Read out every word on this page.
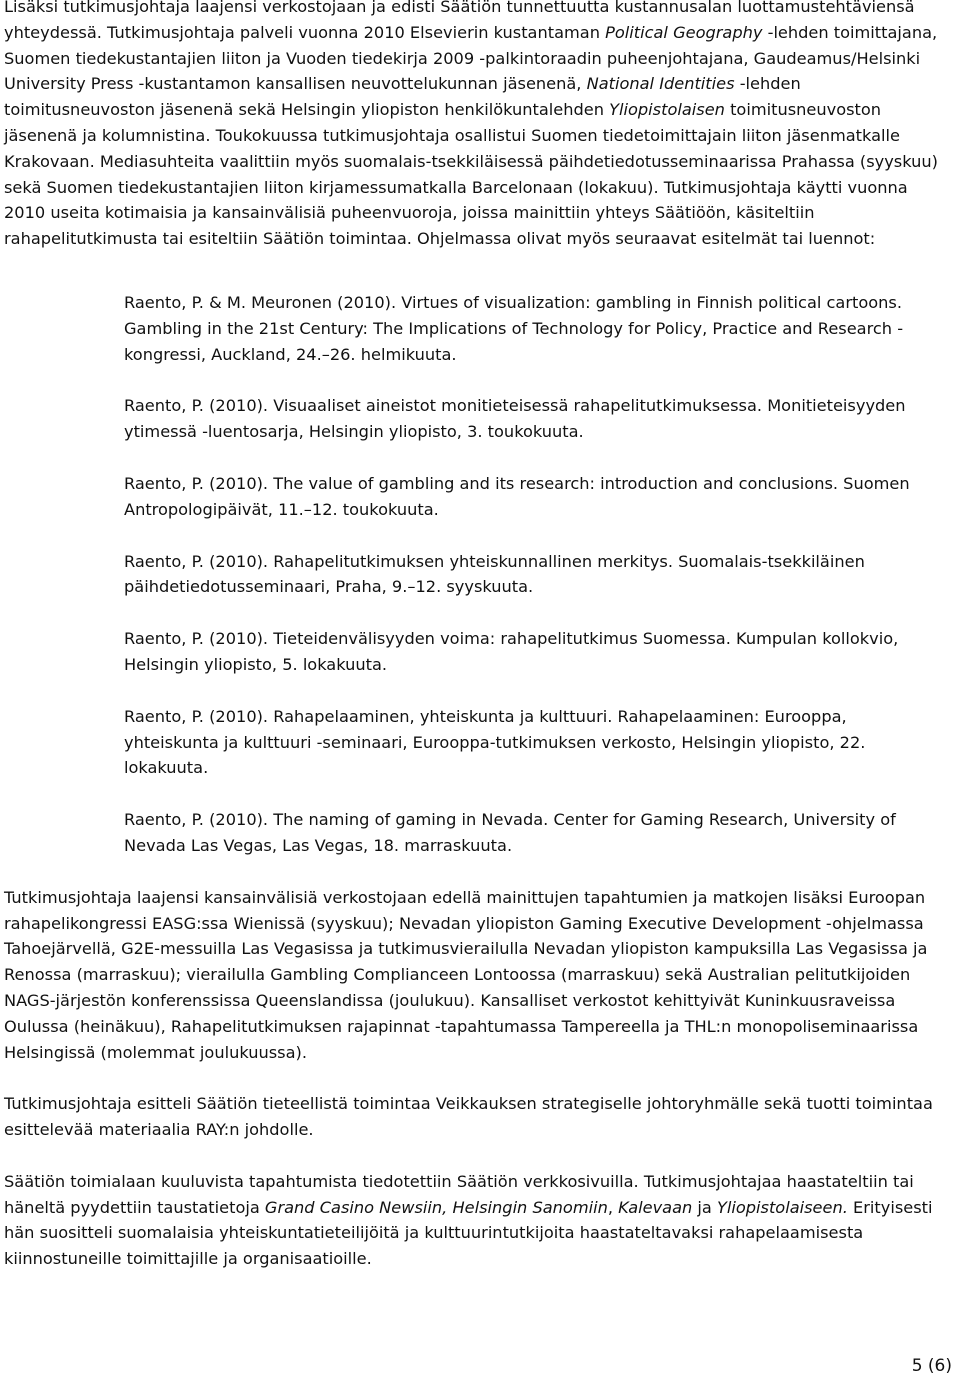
Lisäksi tutkimusjohtaja laajensi verkostojaan ja edisti Säätiön tunnettuutta kustannusalan luottamustehtäviensä yhteydessä. Tutkimusjohtaja palveli vuonna 2010 Elsevierin kustantaman Political Geography -lehden toimittajana, Suomen tiedekustantajien liiton ja Vuoden tiedekirja 2009 -palkintoraadin puheenjohtajana, Gaudeamus/Helsinki University Press -kustantamon kansallisen neuvottelukunnan jäsenenä, National Identities -lehden toimitusneuvoston jäsenenä sekä Helsingin yliopiston henkilökuntalehden Yliopistolaisen toimitusneuvoston jäsenenä ja kolumnistina. Toukokuussa tutkimusjohtaja osallistui Suomen tiedetoimittajain liiton jäsenmatkalle Krakovaan. Mediasuhteita vaalittiin myös suomalais-tsekkiläisessä päihdetiedotusseminaarissa Prahassa (syyskuu) sekä Suomen tiedekustantajien liiton kirjamessumatkalla Barcelonaan (lokakuu). Tutkimusjohtaja käytti vuonna 2010 useita kotimaisia ja kansainvälisiä puheenvuoroja, joissa mainittiin yhteys Säätiöön, käsiteltiin rahapelitutkimusta tai esiteltiin Säätiön toimintaa. Ohjelmassa olivat myös seuraavat esitelmät tai luennot:

Raento, P. & M. Meuronen (2010). Virtues of visualization: gambling in Finnish political cartoons. Gambling in the 21st Century: The Implications of Technology for Policy, Practice and Research -kongressi, Auckland, 24.–26. helmikuuta.

Raento, P. (2010). Visuaaliset aineistot monitieteisessä rahapelitutkimuksessa. Monitieteisyyden ytimessä -luentosarja, Helsingin yliopisto, 3. toukokuuta.

Raento, P. (2010). The value of gambling and its research: introduction and conclusions. Suomen Antropologipäivät, 11.–12. toukokuuta.

Raento, P. (2010). Rahapelitutkimuksen yhteiskunnallinen merkitys. Suomalais-tsekkiläinen päihdetiedotusseminaari, Praha, 9.–12. syyskuuta.

Raento, P. (2010). Tieteidenvälisyyden voima: rahapelitutkimus Suomessa. Kumpulan kollokvio, Helsingin yliopisto, 5. lokakuuta.

Raento, P. (2010). Rahapelaaminen, yhteiskunta ja kulttuuri. Rahapelaaminen: Eurooppa, yhteiskunta ja kulttuuri -seminaari, Eurooppa-tutkimuksen verkosto, Helsingin yliopisto, 22. lokakuuta.

Raento, P. (2010). The naming of gaming in Nevada. Center for Gaming Research, University of Nevada Las Vegas, Las Vegas, 18. marraskuuta.

Tutkimusjohtaja laajensi kansainvälisiä verkostojaan edellä mainittujen tapahtumien ja matkojen lisäksi Euroopan rahapelikongressi EASG:ssa Wienissä (syyskuu); Nevadan yliopiston Gaming Executive Development -ohjelmassa Tahoejärvellä, G2E-messuilla Las Vegasissa ja tutkimusvierailulla Nevadan yliopiston kampuksilla Las Vegasissa ja Renossa (marraskuu); vierailulla Gambling Complianceen Lontoossa (marraskuu) sekä Australian pelitutkijoiden NAGS-järjestön konferenssissa Queenslandissa (joulukuu). Kansalliset verkostot kehittyivät Kuninkuusraveissa Oulussa (heinäkuu), Rahapelitutkimuksen rajapinnat -tapahtumassa Tampereella ja THL:n monopoliseminaarissa Helsingissä (molemmat joulukuussa).

Tutkimusjohtaja esitteli Säätiön tieteellistä toimintaa Veikkauksen strategiselle johtoryhmälle sekä tuotti toimintaa esittelevää materiaalia RAY:n johdolle.

Säätiön toimialaan kuuluvista tapahtumista tiedotettiin Säätiön verkkosivuilla. Tutkimusjohtajaa haastateltiin tai häneltä pyydettiin taustatietoja Grand Casino Newsiin, Helsingin Sanomiin, Kalevaan ja Yliopistolaiseen. Erityisesti hän suositteli suomalaisia yhteiskuntatieteilijöitä ja kulttuurintutkijoita haastateltavaksi rahapelaamisesta kiinnostuneille toimittajille ja organisaatioille.

5 (6)
